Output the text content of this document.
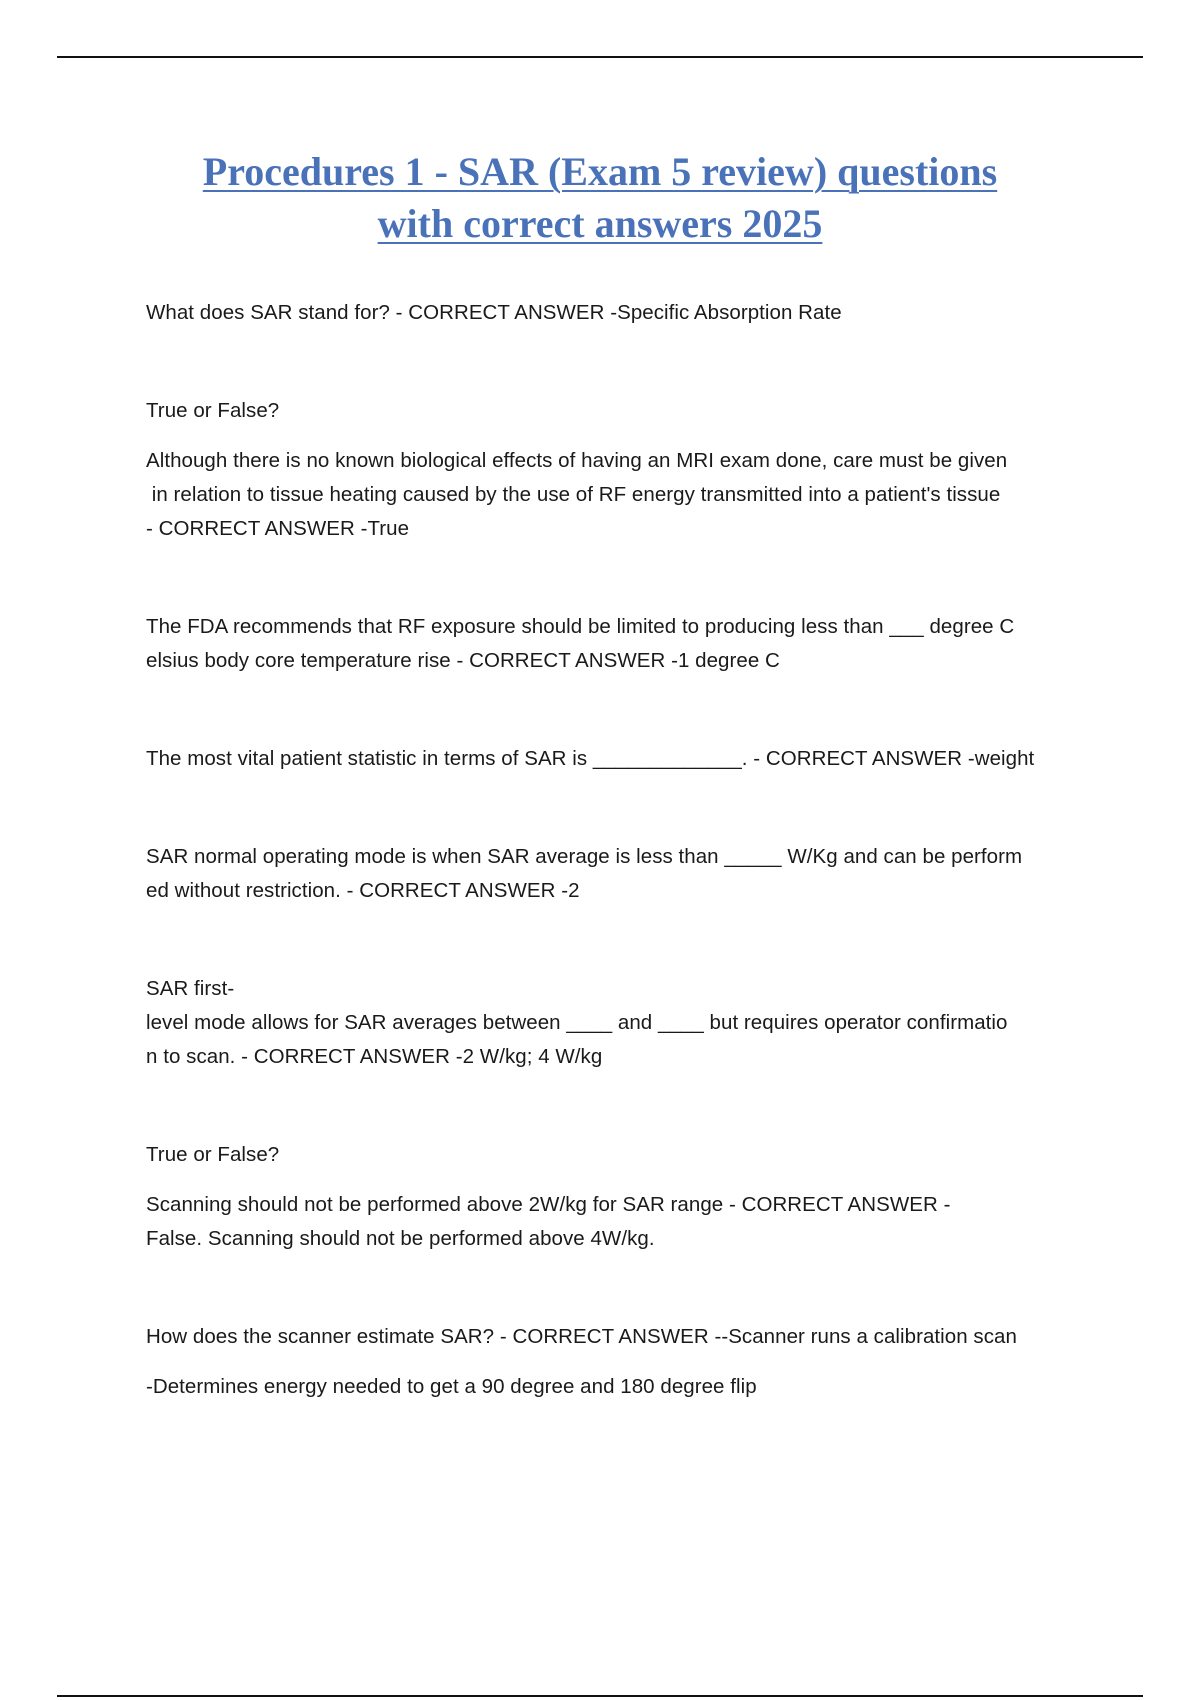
Procedures 1 - SAR (Exam 5 review) questions
with correct answers 2025

What does SAR stand for? - CORRECT ANSWER -Specific Absorption Rate

True or False?

Although there is no known biological effects of having an MRI exam done, care must be given

in relation to tissue heating caused by the use of RF energy transmitted into a patient's tissue

- CORRECT ANSWER -True

The FDA recommends that RF exposure should be limited to producing less than ___ degree C

elsius body core temperature rise - CORRECT ANSWER -1 degree C

The most vital patient statistic in terms of SAR is _____________. - CORRECT ANSWER -weight

SAR normal operating mode is when SAR average is less than _____ W/Kg and can be perform

ed without restriction. - CORRECT ANSWER -2

SAR first-

level mode allows for SAR averages between ____ and ____ but requires operator confirmatio

n to scan. - CORRECT ANSWER -2 W/kg; 4 W/kg

True or False?

Scanning should not be performed above 2W/kg for SAR range - CORRECT ANSWER -

False. Scanning should not be performed above 4W/kg.

How does the scanner estimate SAR? - CORRECT ANSWER --Scanner runs a calibration scan

-Determines energy needed to get a 90 degree and 180 degree flip
